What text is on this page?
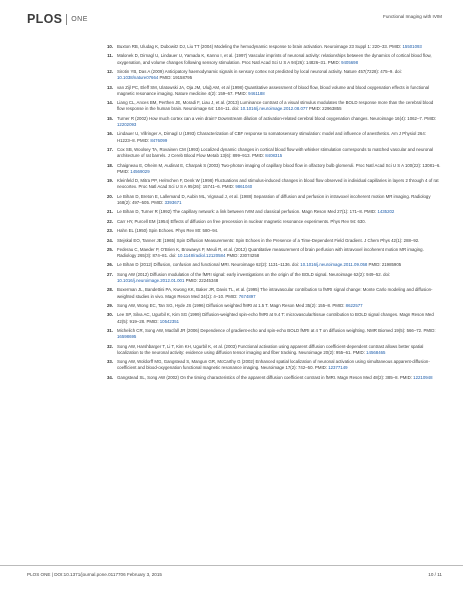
PLOS ONE	Functional Imaging with IVIM
10. Buxton RB, Uludag K, Dubowitz DJ, Liu TT (2004) Modeling the hemodynamic response to brain activation. Neuroimage 23 Suppl 1: 220–33. PMID: 15501093
11. Malonek D, Dirnagl U, Lindauer U, Yamada K, Kanno I, et al. (1997) Vascular imprints of neuronal activity: relationships between the dynamics of cortical blood flow, oxygenation, and volume changes following sensory stimulation. Proc Natl Acad Sci U S A 94(26): 14826–31. PMID: 9405698
12. Sirotin YB, Das A (2009) Anticipatory haemodynamic signals in sensory cortex not predicted by local neuronal activity. Nature 457(7228): 475–9. doi: 10.1038/nature07664 PMID: 19158795
13. van Zijl PC, Eleff SM, Ulatowski JA, Oja JM, Uluğ AM, et al (1998) Quantitative assessment of blood flow, blood volume and blood oxygenation effects in functional magnetic resonance imaging. Nature medicine 4(2): 159–67. PMID: 9461188
14. Liang CL, Ances BM, Perthen JE, Moradi F, Liau J, et al. (2013) Luminance contrast of a visual stimulus modulates the BOLD response more than the cerebral blood flow response in the human brain. Neuroimage 64: 104–11. doi: 10.1016/j.neuroimage.2012.08.077 PMID: 22963855
15. Turner R (2002) How much cortex can a vein drain? Downstream dilution of activation-related cerebral blood oxygenation changes. Neuroimage 16(4): 1062–7. PMID: 12202093
16. Lindauer U, Villringer A, Dirnagl U (1993) Characterization of CBF response to somatosensory stimulation: model and influence of anesthetics. Am J Physiol 264: H1223–8. PMID: 8476099
17. Cox SB, Woolsey TA, Rovainen CM (1993) Localized dynamic changes in cortical blood flow with whisker stimulation corresponds to matched vascular and neuronal architecture of rat barrels. J Cereb Blood Flow Metab 13(6): 899–913. PMID: 8408315
18. Chaigneau E, Oheim M, Audinat E, Charpak S (2003) Two-photon imaging of capillary blood flow in olfactory bulb glomeruli. Proc Natl Acad Sci U S A 100(22): 13081–6. PMID: 14569029
19. Kleinfeld D, Mitra PP, Helmchen F, Denk W (1998) Fluctuations and stimulus-induced changes in blood flow observed in individual capillaries in layers 2 through 4 of rat neocortex. Proc Natl Acad Sci U S A 95(26): 15741–6. PMID: 9861040
20. Le Bihan D, Breton E, Lallemand D, Aubin ML, Vignaud J, et al. (1988) Separation of diffusion and perfusion in intravoxel incoherent motion MR imaging. Radiology 168(2): 497–505. PMID: 3393671
21. Le Bihan D, Turner R (1992) The capillary network: a link between IVIM and classical perfusion. Magn Reson Med 27(1): 171–8. PMID: 1435202
22. Carr HY, Purcell EM (1954) Effects of diffusion on free precession in nuclear magnetic resonance experiments. Phys Rev 94: 630.
23. Hahn EL (1950) Spin Echoes. Phys Rev 80: 580–94.
24. Stejskal EO, Tanner JE (1965) Spin Diffusion Measurements: Spin Echoes in the Presence of a Time-Dependent Field Gradient. J Chem Phys 42(1): 288–92.
25. Federau C, Maeder P, O'Brien K, Browaeys P, Meuli R, et al. (2012) Quantitative measurement of brain perfusion with intravoxel incoherent motion MR imaging. Radiology 265(3): 874–81. doi: 10.1148/radiol.12120584 PMID: 23074258
26. Le Bihan D (2012) Diffusion, confusion and functional MRI. Neuroimage 62(2): 1131–1136. doi: 10.1016/j.neuroimage.2011.09.058 PMID: 21985905
27. Song AW (2012) Diffusion modulation of the fMRI signal: early investigations on the origin of the BOLD signal. Neuroimage 62(2): 949–52. doi: 10.1016/j.neuroimage.2012.01.001 PMID: 22245348
28. Boxerman JL, Bandettini PA, Kwong KK, Baker JR, Davis TL, et al. (1995) The intravascular contribution to fMRI signal change: Monte Carlo modeling and diffusion-weighted studies in vivo. Magn Reson Med 34(1): 4–10. PMID: 7674897
29. Song AW, Wong EC, Tan SG, Hyde JS (1996) Diffusion weighted fMRI at 1.5 T. Magn Reson Med 35(2): 155–8. PMID: 8622577
30. Lee SP, Silva AC, Ugurbil K, Kim SG (1999) Diffusion-weighted spin-echo fMRI at 9.4 T: microvascular/tissue contribution to BOLD signal changes. Magn Reson Med 42(5): 919–28. PMID: 10542351
31. Michelich CR, Song AW, Macfall JR (2006) Dependence of gradient-echo and spin-echo BOLD fMRI at 4 T on diffusion weighting. NMR Biomed 19(5): 566–72. PMID: 16598695
32. Song AW, Harshbarger T, Li T, Kim KH, Ugurbil K, et al. (2003) Functional activation using apparent diffusion coefficient-dependent contrast allows better spatial localization to the neuronal activity: evidence using diffusion tensor imaging and fiber tracking. Neuroimage 20(2): 955–61. PMID: 14568465
33. Song AW, Woldorff MG, Gangstead S, Mangun GR, McCarthy G (2002) Enhanced spatial localization of neuronal activation using simultaneous apparent-diffusion-coefficient and blood-oxygenation functional magnetic resonance imaging. Neuroimage 17(2): 742–50. PMID: 12377149
34. Gangstead SL, Song AW (2002) On the timing characteristics of the apparent diffusion coefficient contrast in fMRI. Magn Reson Med 48(2): 385–8. PMID: 12210948
PLOS ONE | DOI:10.1371/journal.pone.0117706 February 3, 2015	10 / 11
